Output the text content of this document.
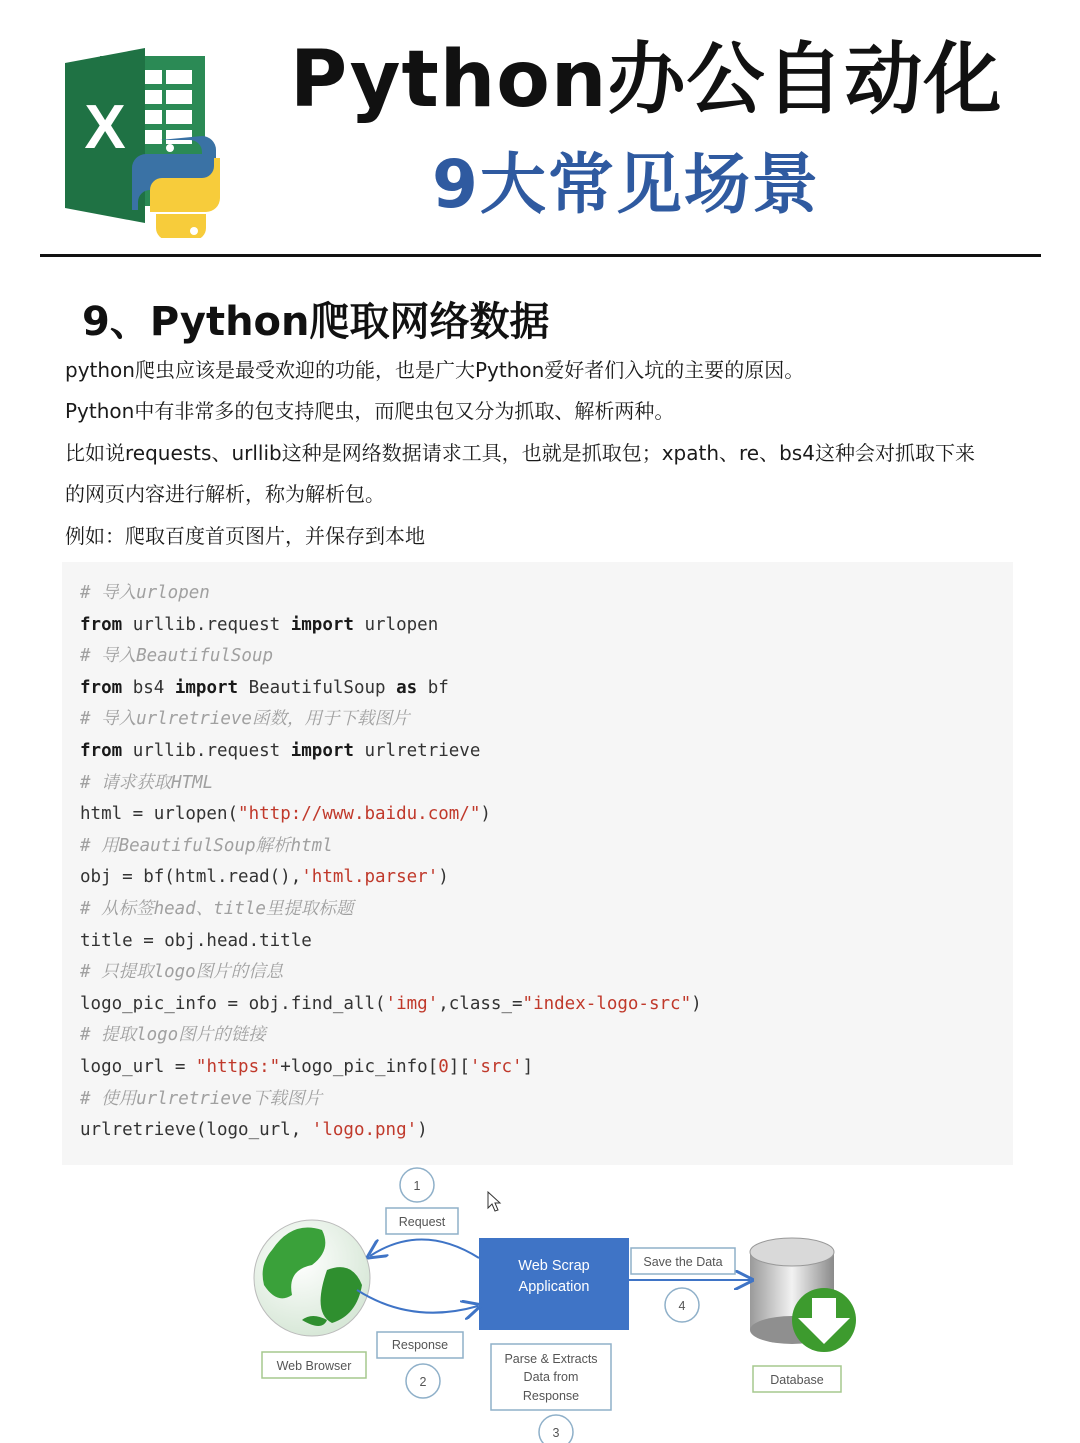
X
Python办公自动化
9大常见场景
9、Python爬取网络数据

python爬虫应该是最受欢迎的功能，也是广大Python爱好者们入坑的主要的原因。

Python中有非常多的包支持爬虫，而爬虫包又分为抓取、解析两种。

比如说requests、urllib这种是网络数据请求工具，也就是抓取包；xpath、re、bs4这种会对抓取下来

的网页内容进行解析，称为解析包。

例如：爬取百度首页图片，并保存到本地

# 导入urlopen
from urllib.request import urlopen
# 导入BeautifulSoup
from bs4 import BeautifulSoup as bf
# 导入urlretrieve函数，用于下载图片
from urllib.request import urlretrieve
# 请求获取HTML
html = urlopen("http://www.baidu.com/")
# 用BeautifulSoup解析html
obj = bf(html.read(),'html.parser')
# 从标签head、title里提取标题
title = obj.head.title
# 只提取logo图片的信息
logo_pic_info = obj.find_all('img',class_="index-logo-src")
# 提取logo图片的链接
logo_url = "https:"+logo_pic_info[0]['src']
# 使用urlretrieve下载图片
urlretrieve(logo_url, 'logo.png')
Web Scrap
Application
Request
Response
Save the Data
Parse & Extracts
Data from
Response
Web Browser
Database
1
2
3
4
